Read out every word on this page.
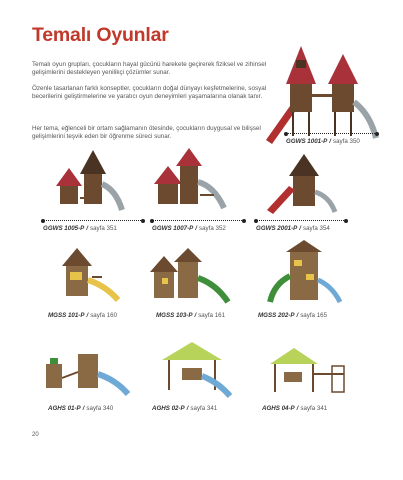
Temalı Oyunlar

Temalı oyun grupları, çocukların hayal gücünü harekete geçirerek fiziksel ve zihinsel gelişimlerini destekleyen yenilikçi çözümler sunar.

Özenle tasarlanan farklı konseptler, çocukların doğal dünyayı keşfetmelerine, sosyal becerilerini geliştirmelerine ve yaratıcı oyun deneyimleri yaşamalarına olanak tanır.

Her tema, eğlenceli bir ortam sağlamanın ötesinde, çocukların duygusal ve bilişsel gelişimlerini teşvik eden bir öğrenme süreci sunar.

GGWS 1001-P / sayfa 350
GGWS 1005-P / sayfa 351	GGWS 1007-P / sayfa 352	GGWS 2001-P / sayfa 354
MGSS 101-P / sayfa 160	MGSS 103-P / sayfa 161	MGSS 202-P / sayfa 165
AGHS 01-P / sayfa 340	AGHS 02-P / sayfa 341	AGHS 04-P / sayfa 341
20
